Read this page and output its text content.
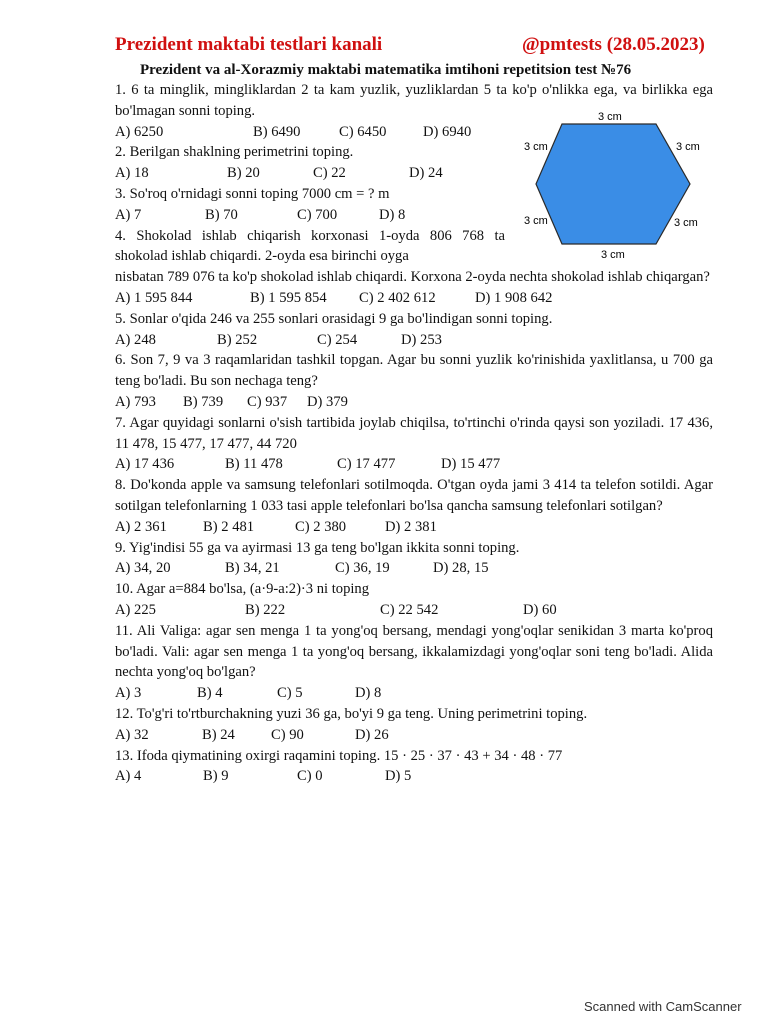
Prezident maktabi testlari kanali	@pmtests (28.05.2023)
Prezident va al-Xorazmiy maktabi matematika imtihoni repetitsion test №76
3 cm
3 cm	3 cm
3 cm	3 cm
3 cm

1. 6 ta minglik, mingliklardan 2 ta kam yuzlik, yuzliklardan 5 ta ko'p o'nlikka ega, va birlikka ega bo'lmagan sonni toping.

A) 6250	B) 6490	C) 6450	D) 6940

2. Berilgan shaklning perimetrini toping.

A) 18	B) 20	C) 22	D) 24

3. So'roq o'rnidagi sonni toping 7000 cm = ? m

A) 7	B) 70	C) 700	D) 8

4. Shokolad ishlab chiqarish korxonasi 1-oyda 806 768 ta shokolad ishlab chiqardi. 2-oyda esa birinchi oyga

nisbatan 789 076 ta ko'p shokolad ishlab chiqardi. Korxona 2-oyda nechta shokolad ishlab chiqargan?

A) 1 595 844	B) 1 595 854	C) 2 402 612	D) 1 908 642

5. Sonlar o'qida 246 va 255 sonlari orasidagi 9 ga bo'lindigan sonni toping.

A) 248	B) 252	C) 254	D) 253

6. Son 7, 9 va 3 raqamlaridan tashkil topgan. Agar bu sonni yuzlik ko'rinishida yaxlitlansa, u 700 ga teng bo'ladi. Bu son nechaga teng?

A) 793	B) 739	C) 937	D) 379

7. Agar quyidagi sonlarni o'sish tartibida joylab chiqilsa, to'rtinchi o'rinda qaysi son yoziladi. 17 436, 11 478, 15 477, 17 477, 44 720

A) 17 436	B) 11 478	C) 17 477	D) 15 477

8. Do'konda apple va samsung telefonlari sotilmoqda. O'tgan oyda jami 3 414 ta telefon sotildi. Agar sotilgan telefonlarning 1 033 tasi apple telefonlari bo'lsa qancha samsung telefonlari sotilgan?

A) 2 361	B) 2 481	C) 2 380	D) 2 381

9. Yig'indisi 55 ga va ayirmasi 13 ga teng bo'lgan ikkita sonni toping.

A) 34, 20	B) 34, 21	C) 36, 19	D) 28, 15

10. Agar a=884 bo'lsa, (a·9-a:2)·3 ni toping

A) 225	B) 222	C) 22 542	D) 60

11. Ali Valiga: agar sen menga 1 ta yong'oq bersang, mendagi yong'oqlar senikidan 3 marta ko'proq bo'ladi. Vali: agar sen menga 1 ta yong'oq bersang, ikkalamizdagi yong'oqlar soni teng bo'ladi. Alida nechta yong'oq bo'lgan?

A) 3	B) 4	C) 5	D) 8

12. To'g'ri to'rtburchakning yuzi 36 ga, bo'yi 9 ga teng. Uning perimetrini toping.

A) 32	B) 24	C) 90	D) 26

13. Ifoda qiymatining oxirgi raqamini toping. 15 · 25 · 37 · 43 + 34 · 48 · 77

A) 4	B) 9	C) 0	D) 5
Scanned with CamScanner
